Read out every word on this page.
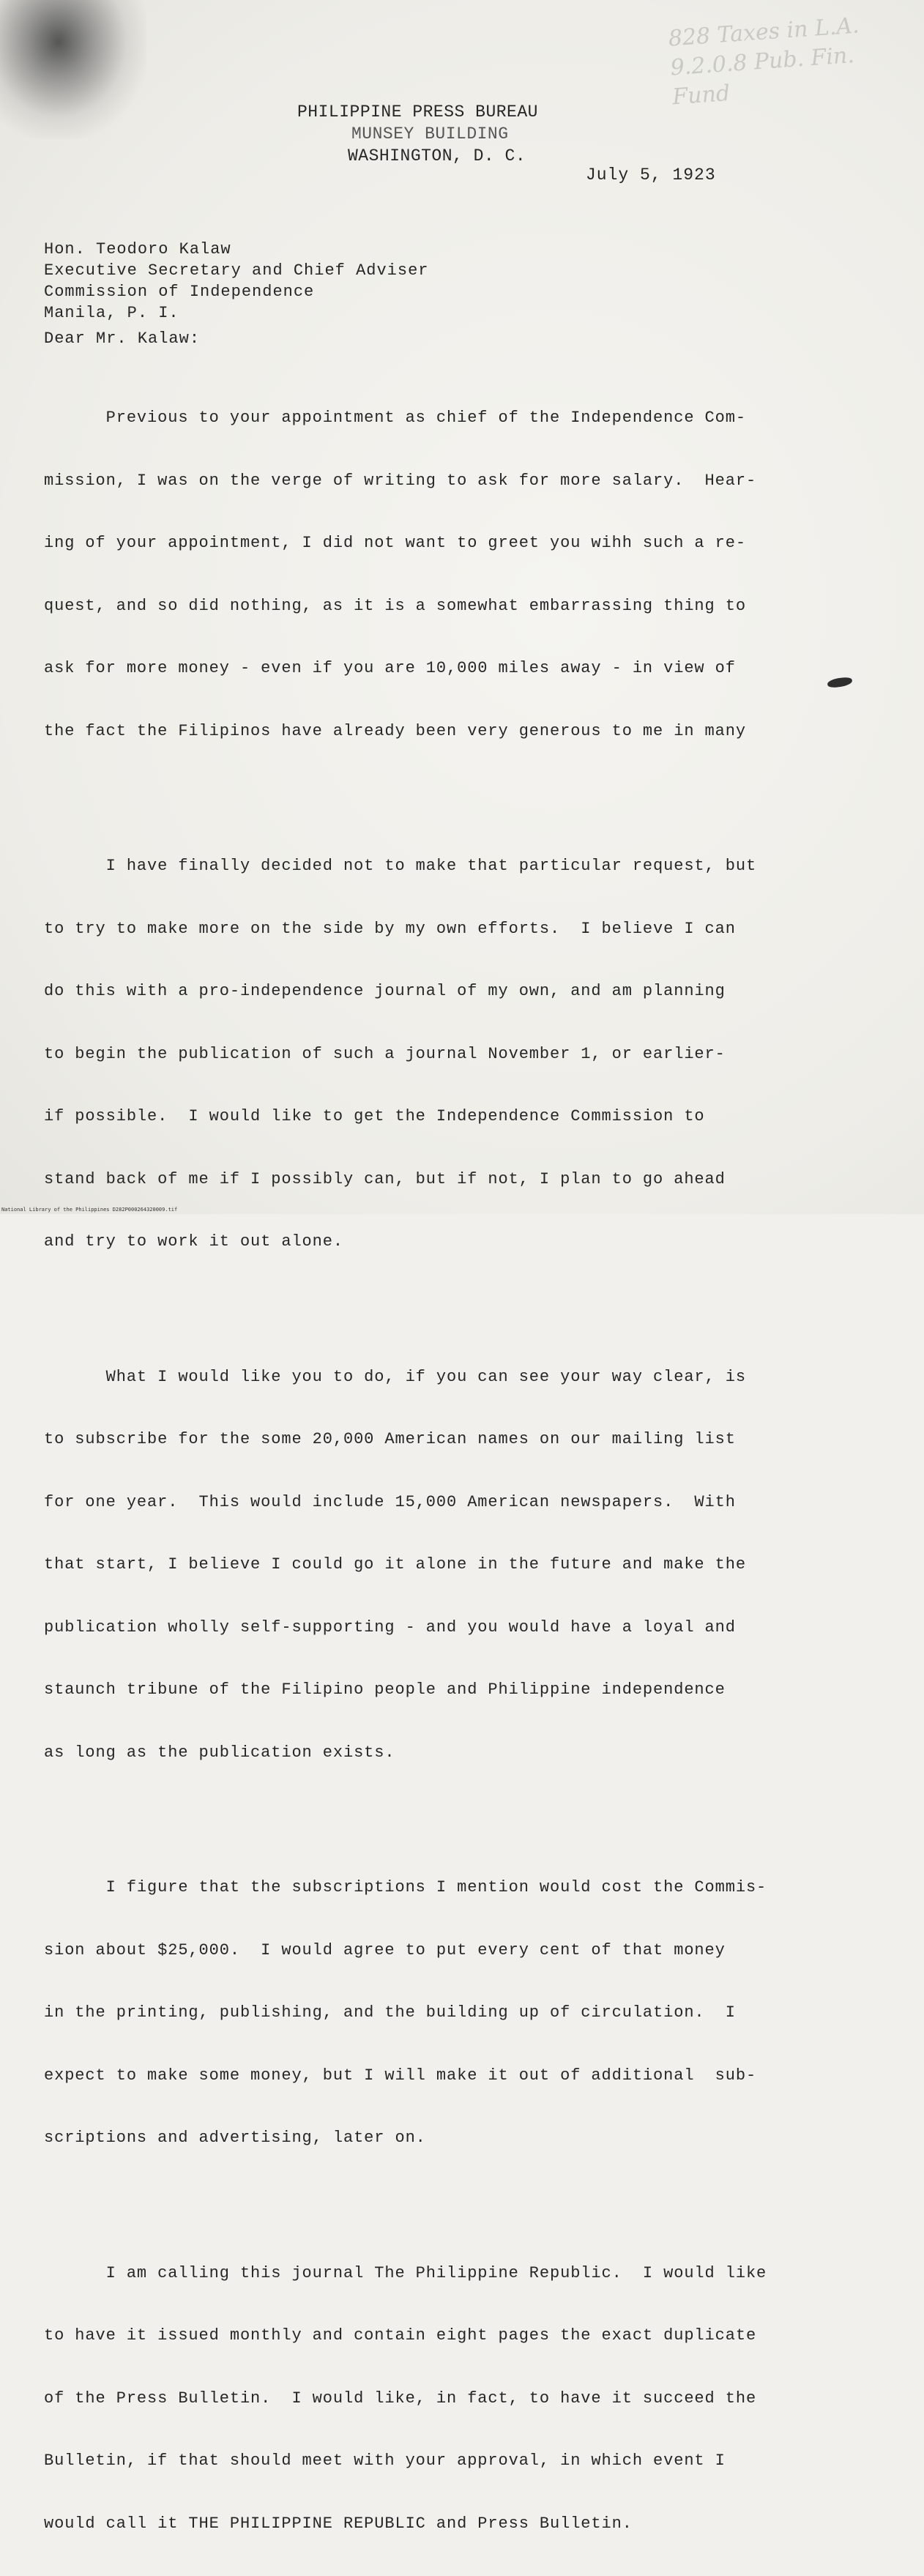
828 Taxes in L.A.
9.2.0.8 Pub. Fin. Fund
PHILIPPINE PRESS BUREAU
MUNSEY BUILDING
WASHINGTON, D. C.
July 5, 1923
Hon. Teodoro Kalaw
Executive Secretary and Chief Adviser
Commission of Independence
Manila, P. I.
Dear Mr. Kalaw:

Previous to your appointment as chief of the Independence Com-

mission, I was on the verge of writing to ask for more salary.  Hear-

ing of your appointment, I did not want to greet you wihh such a re-

quest, and so did nothing, as it is a somewhat embarrassing thing to

ask for more money - even if you are 10,000 miles away - in view of

the fact the Filipinos have already been very generous to me in many

I have finally decided not to make that particular request, but

to try to make more on the side by my own efforts.  I believe I can

do this with a pro-independence journal of my own, and am planning

to begin the publication of such a journal November 1, or earlier-

if possible.  I would like to get the Independence Commission to

stand back of me if I possibly can, but if not, I plan to go ahead

and try to work it out alone.

What I would like you to do, if you can see your way clear, is

to subscribe for the some 20,000 American names on our mailing list

for one year.  This would include 15,000 American newspapers.  With

that start, I believe I could go it alone in the future and make the

publication wholly self-supporting - and you would have a loyal and

staunch tribune of the Filipino people and Philippine independence

as long as the publication exists.

I figure that the subscriptions I mention would cost the Commis-

sion about $25,000.  I would agree to put every cent of that money

in the printing, publishing, and the building up of circulation.  I

expect to make some money, but I will make it out of additional  sub-

scriptions and advertising, later on.

I am calling this journal The Philippine Republic.  I would like

to have it issued monthly and contain eight pages the exact duplicate

of the Press Bulletin.  I would like, in fact, to have it succeed the

Bulletin, if that should meet with your approval, in which event I

would call it THE PHILIPPINE REPUBLIC and Press Bulletin.

National Library of the Philippines D282P000264320009.tif
